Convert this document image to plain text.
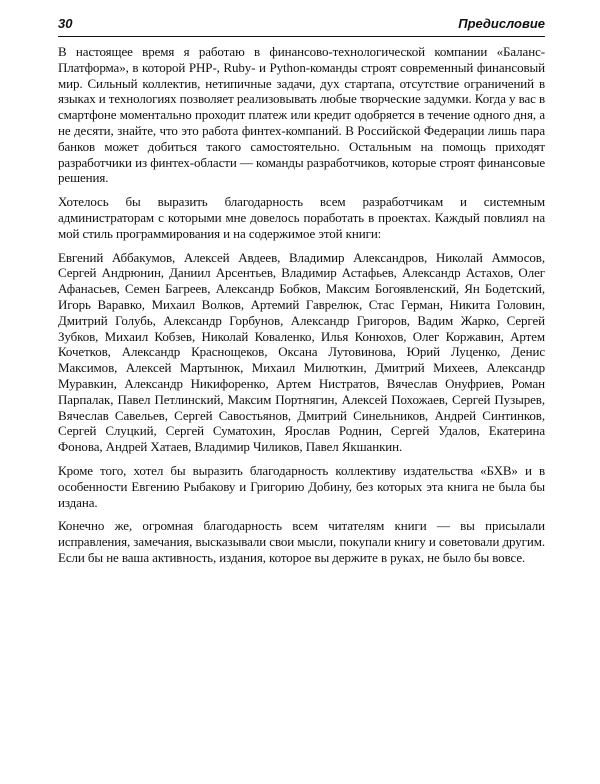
30	Предисловие

В настоящее время я работаю в финансово-технологической компании «Баланс-Платформа», в которой PHP-, Ruby- и Python-команды строят современный финансовый мир. Сильный коллектив, нетипичные задачи, дух стартапа, отсутствие ограничений в языках и технологиях позволяет реализовывать любые творческие задумки. Когда у вас в смартфоне моментально проходит платеж или кредит одобряется в течение одного дня, а не десяти, знайте, что это работа финтех-компаний. В Российской Федерации лишь пара банков может добиться такого самостоятельно. Остальным на помощь приходят разработчики из финтех-области — команды разработчиков, которые строят финансовые решения.

Хотелось бы выразить благодарность всем разработчикам и системным администраторам с которыми мне довелось поработать в проектах. Каждый повлиял на мой стиль программирования и на содержимое этой книги:

Евгений Аббакумов, Алексей Авдеев, Владимир Александров, Николай Аммосов, Сергей Андрюнин, Даниил Арсентьев, Владимир Астафьев, Александр Астахов, Олег Афанасьев, Семен Багреев, Александр Бобков, Максим Богоявленский, Ян Бодетский, Игорь Варавко, Михаил Волков, Артемий Гаврелюк, Стас Герман, Никита Головин, Дмитрий Голубь, Александр Горбунов, Александр Григоров, Вадим Жарко, Сергей Зубков, Михаил Кобзев, Николай Коваленко, Илья Конюхов, Олег Коржавин, Артем Кочетков, Александр Краснощеков, Оксана Лутовинова, Юрий Луценко, Денис Максимов, Алексей Мартынюк, Михаил Милюткин, Дмитрий Михеев, Александр Муравкин, Александр Никифоренко, Артем Нистратов, Вячеслав Онуфриев, Роман Парпалак, Павел Петлинский, Максим Портнягин, Алексей Похожаев, Сергей Пузырев, Вячеслав Савельев, Сергей Савостьянов, Дмитрий Синельников, Андрей Синтинков, Сергей Слуцкий, Сергей Суматохин, Ярослав Роднин, Сергей Удалов, Екатерина Фонова, Андрей Хатаев, Владимир Чиликов, Павел Якшанкин.

Кроме того, хотел бы выразить благодарность коллективу издательства «БХВ» и в особенности Евгению Рыбакову и Григорию Добину, без которых эта книга не была бы издана.

Конечно же, огромная благодарность всем читателям книги — вы присылали исправления, замечания, высказывали свои мысли, покупали книгу и советовали другим. Если бы не ваша активность, издания, которое вы держите в руках, не было бы вовсе.
